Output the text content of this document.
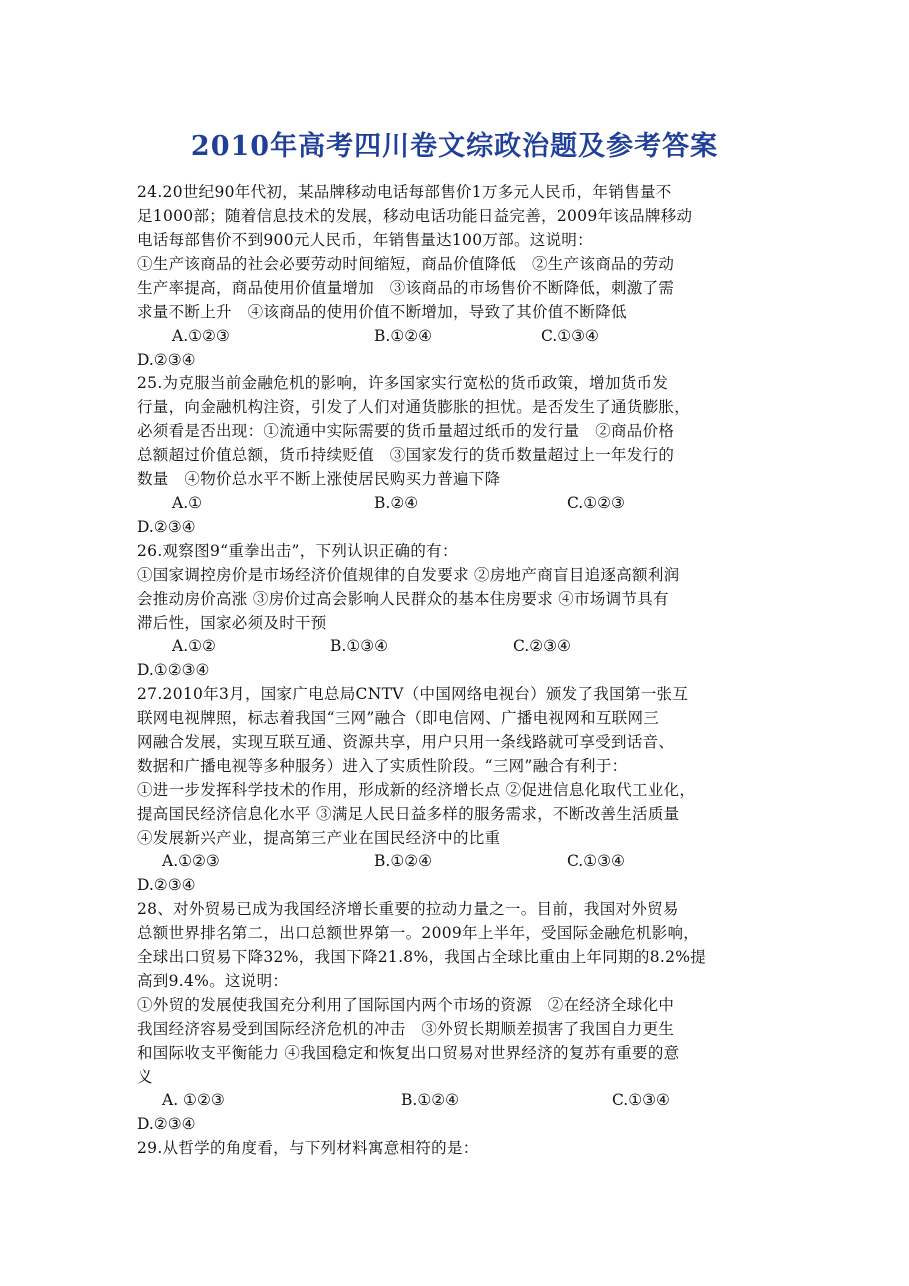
2010年高考四川卷文综政治题及参考答案
24.20世纪90年代初，某品牌移动电话每部售价1万多元人民币，年销售量不
足1000部；随着信息技术的发展，移动电话功能日益完善，2009年该品牌移动
电话每部售价不到900元人民币，年销售量达100万部。这说明：
①生产该商品的社会必要劳动时间缩短，商品价值降低　②生产该商品的劳动
生产率提高，商品使用价值量增加　③该商品的市场售价不断降低，刺激了需
求量不断上升　④该商品的使用价值不断增加，导致了其价值不断降低
A.①②③	B.①②④	C.①③④
D.②③④
25.为克服当前金融危机的影响，许多国家实行宽松的货币政策，增加货币发
行量，向金融机构注资，引发了人们对通货膨胀的担忧。是否发生了通货膨胀，
必须看是否出现：①流通中实际需要的货币量超过纸币的发行量　②商品价格
总额超过价值总额，货币持续贬值　③国家发行的货币数量超过上一年发行的
数量　④物价总水平不断上涨使居民购买力普遍下降
A.①	B.②④	C.①②③
D.②③④
26.观察图9“重拳出击”，下列认识正确的有：
①国家调控房价是市场经济价值规律的自发要求 ②房地产商盲目追逐高额利润
会推动房价高涨 ③房价过高会影响人民群众的基本住房要求 ④市场调节具有
滞后性，国家必须及时干预
A.①②	B.①③④	C.②③④
D.①②③④
27.2010年3月，国家广电总局CNTV（中国网络电视台）颁发了我国第一张互
联网电视牌照，标志着我国“三网”融合（即电信网、广播电视网和互联网三
网融合发展，实现互联互通、资源共享，用户只用一条线路就可享受到话音、
数据和广播电视等多种服务）进入了实质性阶段。“三网”融合有利于：
①进一步发挥科学技术的作用，形成新的经济增长点 ②促进信息化取代工业化，
提高国民经济信息化水平 ③满足人民日益多样的服务需求，不断改善生活质量
④发展新兴产业，提高第三产业在国民经济中的比重
A.①②③	B.①②④	C.①③④
D.②③④
28、对外贸易已成为我国经济增长重要的拉动力量之一。目前，我国对外贸易
总额世界排名第二，出口总额世界第一。2009年上半年，受国际金融危机影响，
全球出口贸易下降32%，我国下降21.8%，我国占全球比重由上年同期的8.2%提
高到9.4%。这说明：
①外贸的发展使我国充分利用了国际国内两个市场的资源　②在经济全球化中
我国经济容易受到国际经济危机的冲击　③外贸长期顺差损害了我国自力更生
和国际收支平衡能力 ④我国稳定和恢复出口贸易对世界经济的复苏有重要的意
义
A. ①②③	B.①②④	C.①③④
D.②③④
29.从哲学的角度看，与下列材料寓意相符的是：
